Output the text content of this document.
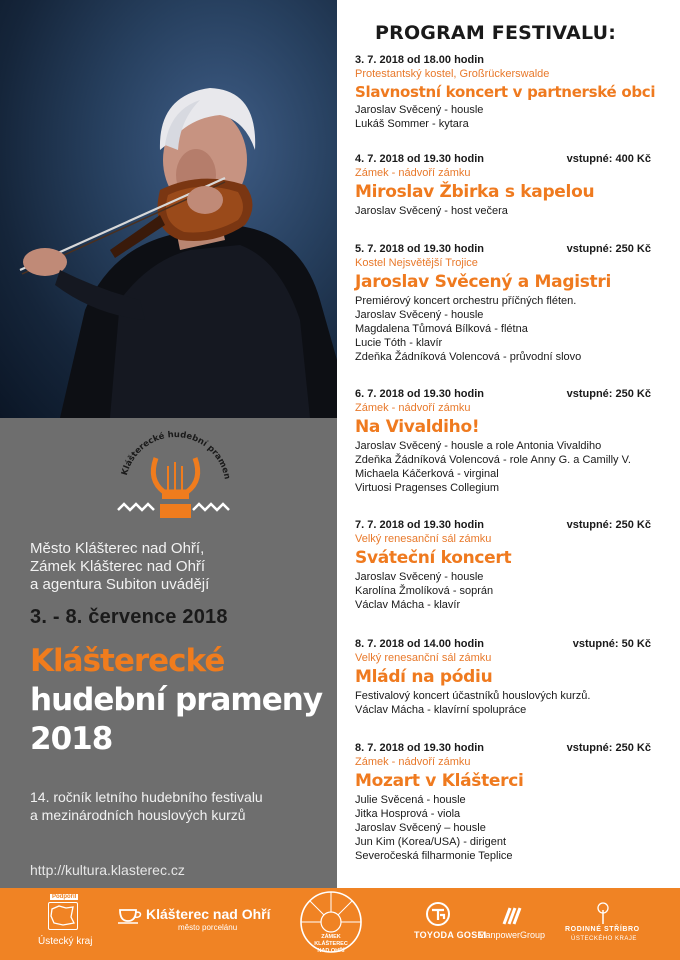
Klášterecké hudební pramen
Město Klášterec nad Ohří,
Zámek Klášterec nad Ohří
a agentura Subiton uvádějí
3. - 8. července 2018
Klášterecké
hudební prameny
2018
14. ročník letního hudebního festivalu
a mezinárodních houslových kurzů
http://kultura.klasterec.cz
PROGRAM FESTIVALU:
3. 7. 2018 od 18.00 hodin
Protestantský kostel, Großrückerswalde
Slavnostní koncert v partnerské obci
Jaroslav Svěcený - housle
Lukáš Sommer - kytara
4. 7. 2018 od 19.30 hodin	vstupné: 400 Kč
Zámek - nádvoří zámku
Miroslav Žbirka s kapelou
Jaroslav Svěcený - host večera
5. 7. 2018 od 19.30 hodin	vstupné: 250 Kč
Kostel Nejsvětější Trojice
Jaroslav Svěcený a Magistri
Premiérový koncert orchestru příčných fléten.
Jaroslav Svěcený - housle
Magdalena Tůmová Bílková - flétna
Lucie Tóth - klavír
Zdeňka Žádníková Volencová - průvodní slovo
6. 7. 2018 od 19.30 hodin	vstupné: 250 Kč
Zámek - nádvoří zámku
Na Vivaldiho!
Jaroslav Svěcený - housle a role Antonia Vivaldiho
Zdeňka Žádníková Volencová - role Anny G. a Camilly V.
Michaela Káčerková - virginal
Virtuosi Pragenses Collegium
7. 7. 2018 od 19.30 hodin	vstupné: 250 Kč
Velký renesanční sál zámku
Sváteční koncert
Jaroslav Svěcený - housle
Karolína Žmolíková - soprán
Václav Mácha - klavír
8. 7. 2018 od 14.00 hodin	vstupné: 50 Kč
Velký renesanční sál zámku
Mládí na pódiu
Festivalový koncert účastníků houslových kurzů.
Václav Mácha - klavírní spolupráce
8. 7. 2018 od 19.30 hodin	vstupné: 250 Kč
Zámek - nádvoří zámku
Mozart v Klášterci
Julie Svěcená - housle
Jitka Hosprová - viola
Jaroslav Svěcený – housle
Jun Kim (Korea/USA) - dirigent
Severočeská filharmonie Teplice
Podpořil
Ústecký kraj
Klášterec nad Ohří
město porcelánu
ZÁMEK
KLÁŠTEREC
NAD OHŘÍ
TOYODA GOSEI
ManpowerGroup
RODINNÉ STŘÍBRO
ÚSTECKÉHO KRAJE
